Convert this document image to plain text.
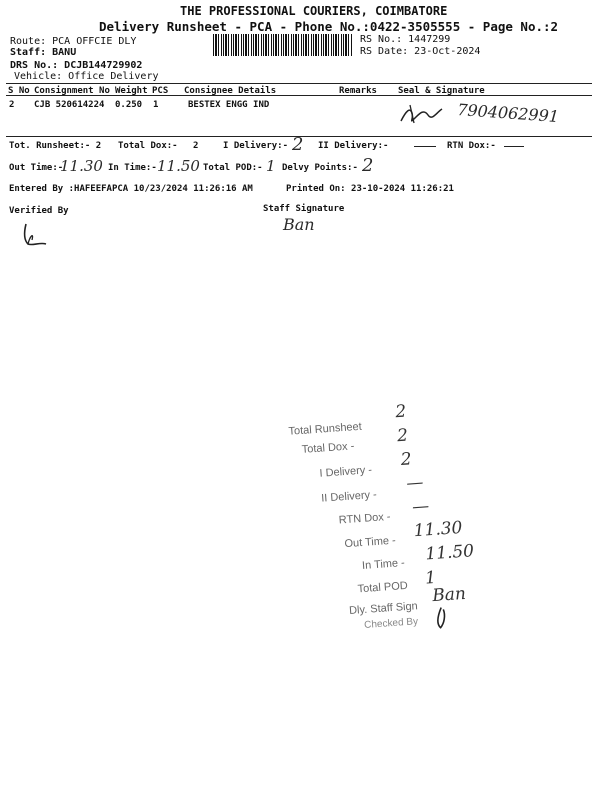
THE PROFESSIONAL COURIERS, COIMBATORE
Delivery Runsheet - PCA - Phone No.:0422-3505555 - Page No.:2
Route: PCA OFFCIE DLY
Staff: BANU
DRS No.: DCJB144729902
Vehicle: Office Delivery
RS No.: 1447299
RS Date: 23-Oct-2024
S No Consignment No Weight PCS Consignee Details	Remarks Seal & Signature
2 CJB 520614224 0.250 1	BESTEX ENGG IND	7904062991
Tot. Runsheet:- 2 Total Dox:- 2	I Delivery:- 2 II Delivery:-	RTN Dox:-
Out Time:-
11.30 In Time:- 11.50 Total POD:- 1 Delvy Points:- 2
Entered By :HAFEEFAPCA 10/23/2024 11:26:16 AM	Printed On: 23-10-2024 11:26:21
Verified By	Staff Signature
Ban
Total Runsheet
2
Total Dox -
2
I Delivery -
2
II Delivery -
—
RTN Dox -
—
Out Time -
11.30
In Time - 11.50
Total POD 1
Dly. Staff Sign
Ban
Checked By
